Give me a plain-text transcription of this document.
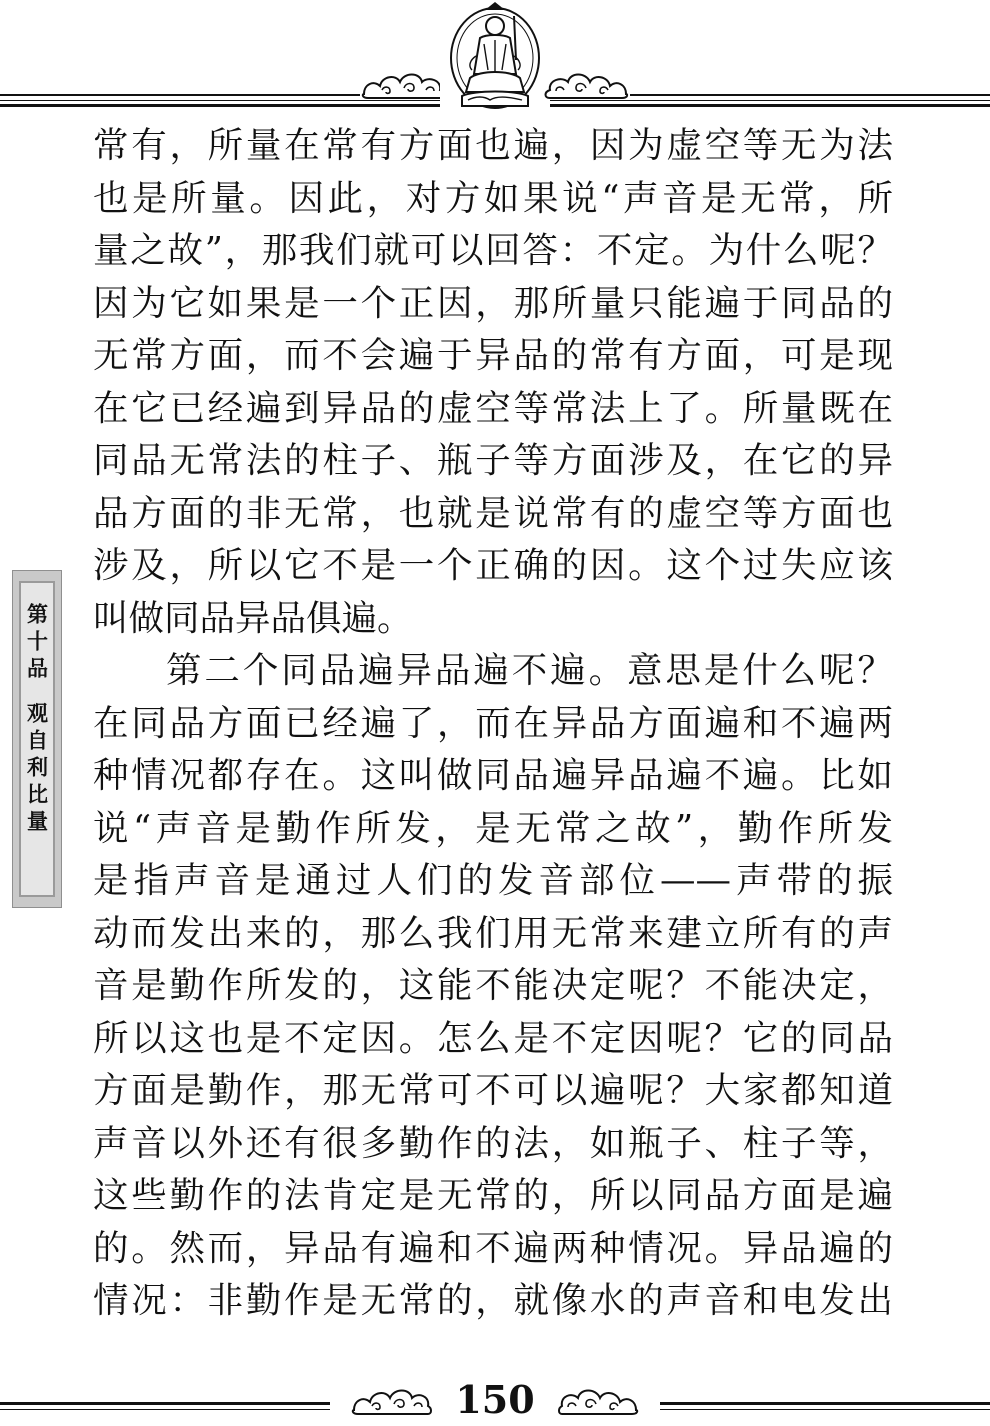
第十品观自利比量

常有，所量在常有方面也遍，因为虚空等无为法
也是所量。因此，对方如果说“声音是无常，所
量之故”，那我们就可以回答：不定。为什么呢？
因为它如果是一个正因，那所量只能遍于同品的
无常方面，而不会遍于异品的常有方面，可是现
在它已经遍到异品的虚空等常法上了。所量既在
同品无常法的柱子、瓶子等方面涉及，在它的异
品方面的非无常，也就是说常有的虚空等方面也
涉及，所以它不是一个正确的因。这个过失应该
叫做同品异品俱遍。

第二个同品遍异品遍不遍。意思是什么呢？
在同品方面已经遍了，而在异品方面遍和不遍两
种情况都存在。这叫做同品遍异品遍不遍。比如
说“声音是勤作所发，是无常之故”，勤作所发
是指声音是通过人们的发音部位——声带的振
动而发出来的，那么我们用无常来建立所有的声
音是勤作所发的，这能不能决定呢？不能决定，
所以这也是不定因。怎么是不定因呢？它的同品
方面是勤作，那无常可不可以遍呢？大家都知道
声音以外还有很多勤作的法，如瓶子、柱子等，
这些勤作的法肯定是无常的，所以同品方面是遍
的。然而，异品有遍和不遍两种情况。异品遍的
情况：非勤作是无常的，就像水的声音和电发出

150
